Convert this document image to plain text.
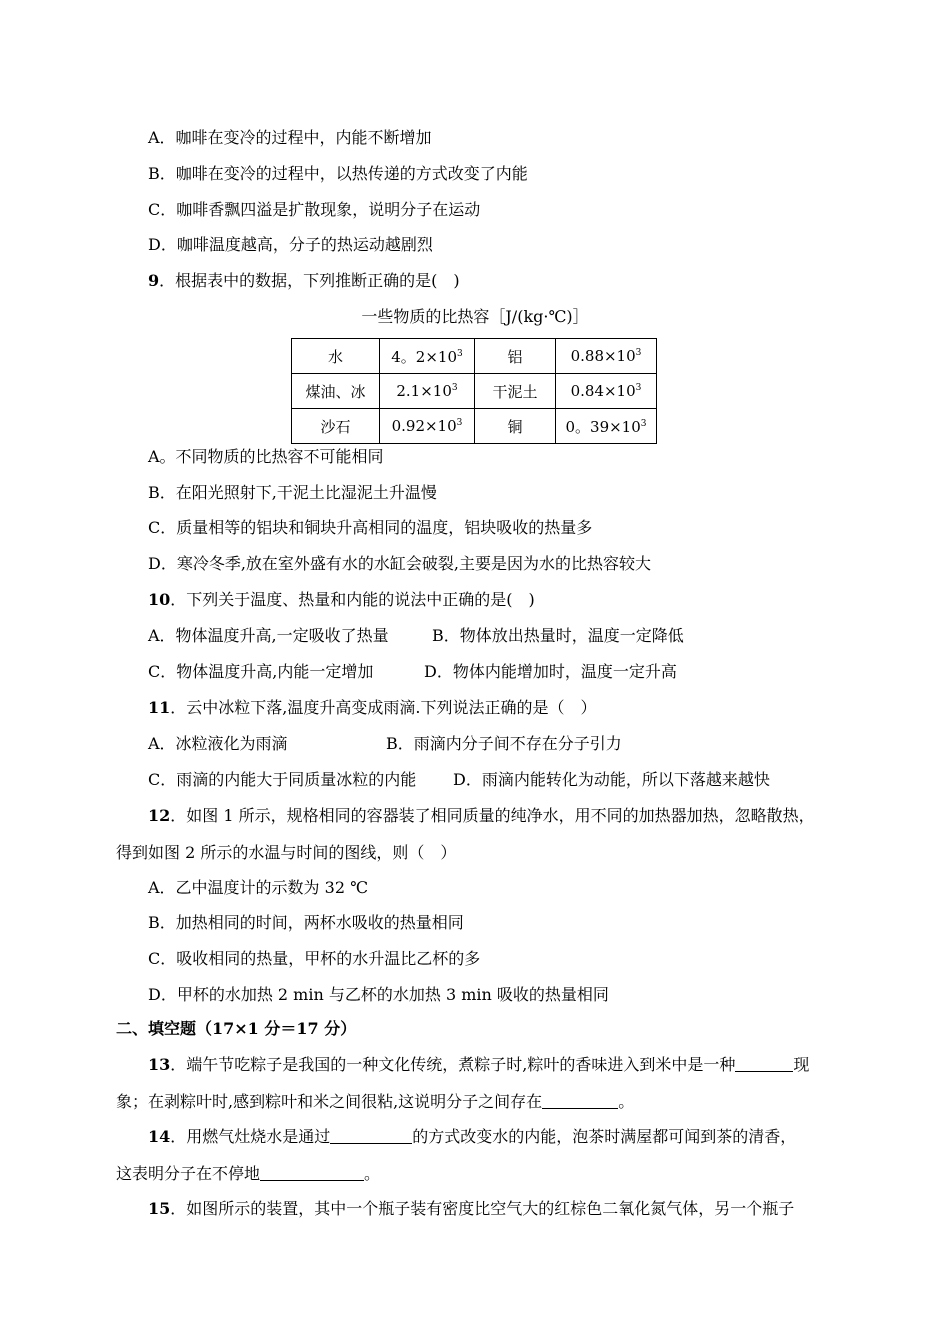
A．咖啡在变冷的过程中，内能不断增加
B．咖啡在变冷的过程中，以热传递的方式改变了内能
C．咖啡香飘四溢是扩散现象，说明分子在运动
D．咖啡温度越高，分子的热运动越剧烈
9．根据表中的数据，下列推断正确的是(　)
一些物质的比热容［J/(kg·℃)］
水	4。$2\times 10^3$	铝	$0.88\times 10^3$
煤油、冰	$2.1\times 10^3$	干泥土	$0.84\times 10^3$
沙石	$0.92\times 10^3$	铜	0。$39\times 10^3$
A。不同物质的比热容不可能相同
B．在阳光照射下,干泥土比湿泥土升温慢
C．质量相等的铝块和铜块升高相同的温度，铝块吸收的热量多
D．寒冷冬季,放在室外盛有水的水缸会破裂,主要是因为水的比热容较大
10．下列关于温度、热量和内能的说法中正确的是(　)
A．物体温度升高,一定吸收了热量	B．物体放出热量时，温度一定降低
C．物体温度升高,内能一定增加	D．物体内能增加时，温度一定升高
11．云中冰粒下落,温度升高变成雨滴.下列说法正确的是（　）
A．冰粒液化为雨滴	B．雨滴内分子间不存在分子引力
C．雨滴的内能大于同质量冰粒的内能 D．雨滴内能转化为动能，所以下落越来越快
12．如图 1 所示，规格相同的容器装了相同质量的纯净水，用不同的加热器加热，忽略散热，
得到如图 2 所示的水温与时间的图线，则（　）
A．乙中温度计的示数为 32 ℃
B．加热相同的时间，两杯水吸收的热量相同
C．吸收相同的热量，甲杯的水升温比乙杯的多
D．甲杯的水加热 2 min 与乙杯的水加热 3 min 吸收的热量相同
二、填空题（17×1 分＝17 分）
13．端午节吃粽子是我国的一种文化传统，煮粽子时,粽叶的香味进入到米中是一种	现
象；在剥粽叶时,感到粽叶和米之间很粘,这说明分子之间存在	。
14．用燃气灶烧水是通过	的方式改变水的内能，泡茶时满屋都可闻到茶的清香，
这表明分子在不停地	。
15．如图所示的装置，其中一个瓶子装有密度比空气大的红棕色二氧化氮气体，另一个瓶子
